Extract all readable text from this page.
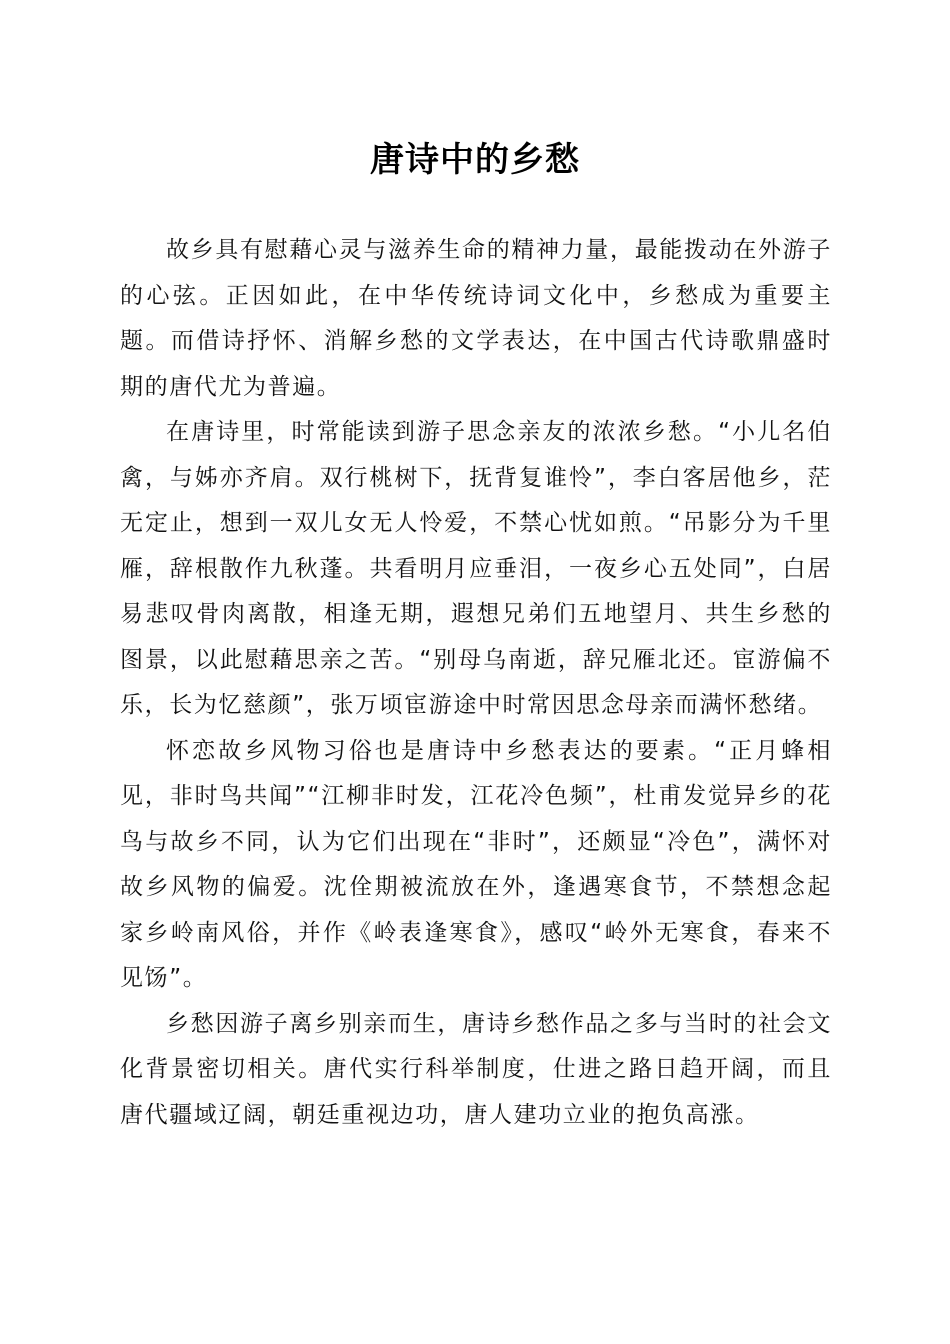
唐诗中的乡愁

故乡具有慰藉心灵与滋养生命的精神力量，最能拨动在外游子的心弦。正因如此，在中华传统诗词文化中，乡愁成为重要主题。而借诗抒怀、消解乡愁的文学表达，在中国古代诗歌鼎盛时期的唐代尤为普遍。

在唐诗里，时常能读到游子思念亲友的浓浓乡愁。“小儿名伯禽，与姊亦齐肩。双行桃树下，抚背复谁怜”，李白客居他乡，茫无定止，想到一双儿女无人怜爱，不禁心忧如煎。“吊影分为千里雁，辞根散作九秋蓬。共看明月应垂泪，一夜乡心五处同”，白居易悲叹骨肉离散，相逢无期，遐想兄弟们五地望月、共生乡愁的图景，以此慰藉思亲之苦。“别母乌南逝，辞兄雁北还。宦游偏不乐，长为忆慈颜”，张万顷宦游途中时常因思念母亲而满怀愁绪。

怀恋故乡风物习俗也是唐诗中乡愁表达的要素。“正月蜂相见，非时鸟共闻”“江柳非时发，江花冷色频”，杜甫发觉异乡的花鸟与故乡不同，认为它们出现在“非时”，还颇显“冷色”，满怀对故乡风物的偏爱。沈佺期被流放在外，逢遇寒食节，不禁想念起家乡岭南风俗，并作《岭表逢寒食》，感叹“岭外无寒食，春来不见饧”。

乡愁因游子离乡别亲而生，唐诗乡愁作品之多与当时的社会文化背景密切相关。唐代实行科举制度，仕进之路日趋开阔，而且唐代疆域辽阔，朝廷重视边功，唐人建功立业的抱负高涨。
